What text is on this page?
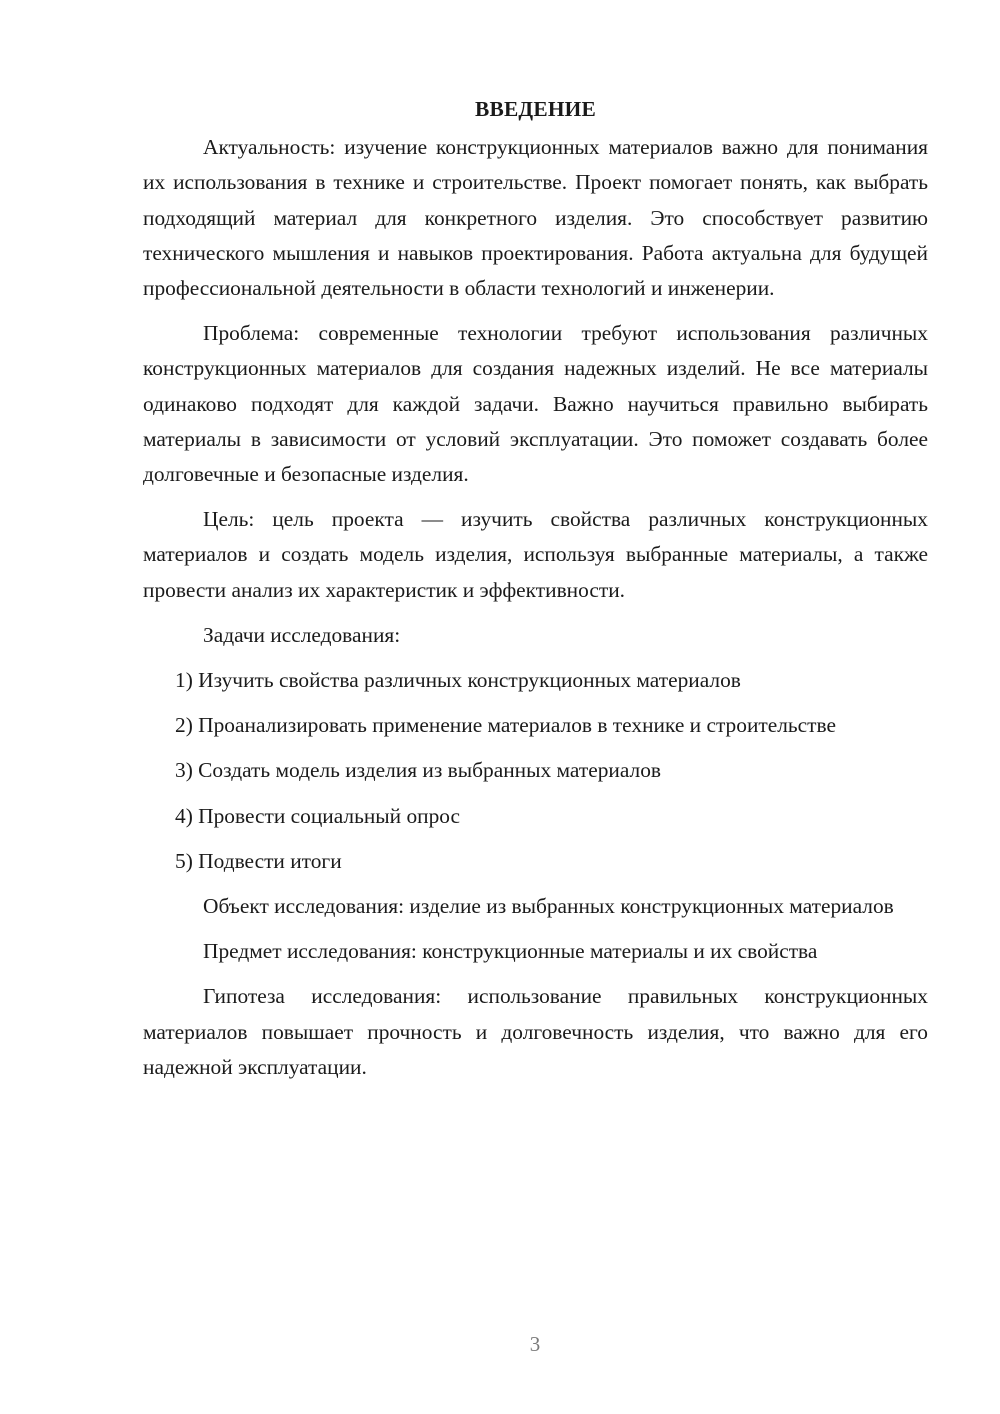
ВВЕДЕНИЕ

Актуальность: изучение конструкционных материалов важно для понимания их использования в технике и строительстве. Проект помогает понять, как выбрать подходящий материал для конкретного изделия. Это способствует развитию технического мышления и навыков проектирования. Работа актуальна для будущей профессиональной деятельности в области технологий и инженерии.

Проблема: современные технологии требуют использования различных конструкционных материалов для создания надежных изделий. Не все материалы одинаково подходят для каждой задачи. Важно научиться правильно выбирать материалы в зависимости от условий эксплуатации. Это поможет создавать более долговечные и безопасные изделия.

Цель: цель проекта — изучить свойства различных конструкционных материалов и создать модель изделия, используя выбранные материалы, а также провести анализ их характеристик и эффективности.

Задачи исследования:

1) Изучить свойства различных конструкционных материалов

2) Проанализировать применение материалов в технике и строительстве

3) Создать модель изделия из выбранных материалов

4) Провести социальный опрос

5) Подвести итоги

Объект исследования: изделие из выбранных конструкционных материалов

Предмет исследования: конструкционные материалы и их свойства

Гипотеза исследования: использование правильных конструкционных материалов повышает прочность и долговечность изделия, что важно для его надежной эксплуатации.

3
